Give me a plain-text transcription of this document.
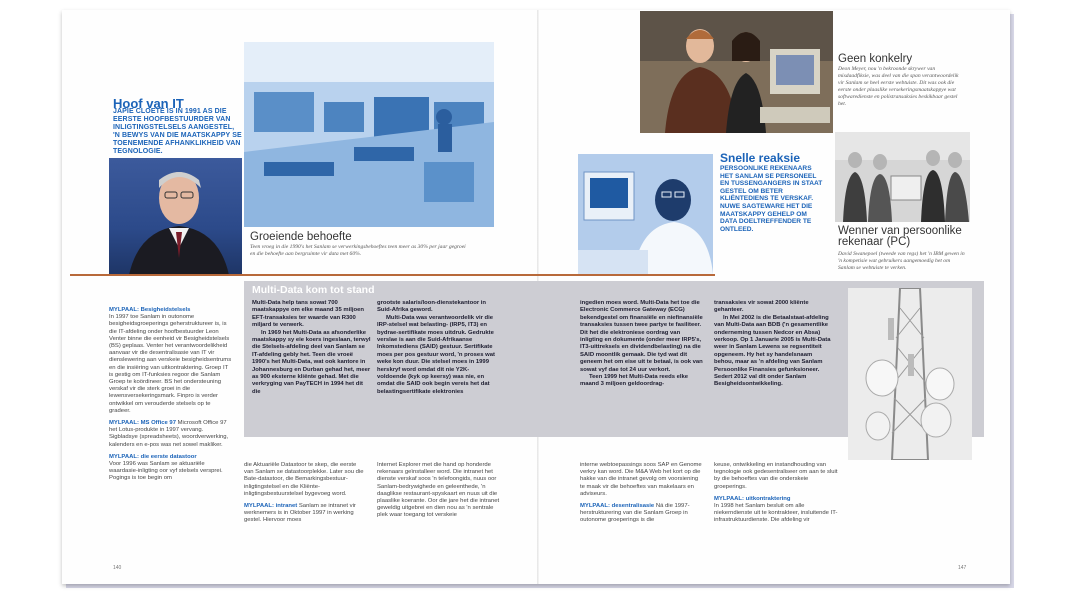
Hoof van IT
JAPIE CLOETE IS IN 1991 AS DIE EERSTE HOOFBESTUURDER VAN INLIGTINGSTELSELS AANGESTEL, 'N BEWYS VAN DIE MAATSKAPPY SE TOENEMENDE AFHANKLIKHEID VAN TEGNOLOGIE.
Groeiende behoefte
Teen vroeg in die 1990's het Sanlam se verwerkingsbehoeftes teen meer as 30% per jaar gegroei en die behoefte aan bergruimte vir data met 60%.
Geen konkelry
Deon Meyer, nou 'n bekroonde skrywer van misdaadfiksie, was deel van die span verantwoordelik vir Sanlam se heel eerste webtuiste. Dit was ook die eerste onder plaaslike versekeringsmaatskappye wat softwaredienste en polistransaksies beskikbaar gestel het.
Snelle reaksie
PERSOONLIKE REKENAARS HET SANLAM SE PERSONEEL EN TUSSENGANGERS IN STAAT GESTEL OM BETER KLIËNTEDIENS TE VERSKAF. NUWE SAGTEWARE HET DIE MAATSKAPPY GEHELP OM DATA DOELTREFFENDER TE ONTLEED.	Wenner van persoonlike rekenaar (PC)
David Swanepoel (tweede van regs) het 'n IBM gewen in 'n kompetisie wat gebruikers aangemoedig het om Sanlam se webtuiste te verken.
Multi-Data kom tot stand

Multi-Data help tans sowat 700 maatskappye om elke maand 35 miljoen EFT-transaksies ter waarde van R300 miljard te verwerk.

In 1969 het Multi-Data as afsonderlike maatskappy sy eie koers ingeslaan, terwyl die Stelsels-afdeling deel van Sanlam se IT-afdeling gebly het. Teen die vroeë 1990's het Multi-Data, wat ook kantore in Johannesburg en Durban gehad het, meer as 900 eksterne kliënte gehad. Met die verkryging van PayTECH in 1994 het dit die

grootste salaris/loon-dienstekantoor in Suid-Afrika geword.

Multi-Data was verantwoordelik vir die IRP-stelsel wat belasting- (IRP5, IT3) en bydrae-sertifikate moes uitdruk. Gedrukte verslae is aan die Suid-Afrikaanse Inkomstediens (SAID) gestuur. Sertifikate moes per pos gestuur word, 'n proses wat weke kon duur. Die stelsel moes in 1999 herskryf word omdat dit nie Y2K-voldoende (kyk op keersy) was nie, en omdat die SAID ook begin vereis het dat belastingsertifikate elektronies

ingedien moes word. Multi-Data het toe die Electronic Commerce Gateway (ECG) bekendgestel om finansiële en niefinansiële transaksies tussen twee partye te fasiliteer. Dit het die elektroniese oordrag van inligting en dokumente (onder meer IRP5's, IT3-uittreksels en dividendbelasting) na die SAID moontlik gemaak. Die tyd wat dit geneem het om eise uit te betaal, is ook van sowat vyf dae tot 24 uur verkort.

Teen 1999 het Multi-Data reeds elke maand 3 miljoen geldoordrag-

transaksies vir sowat 2000 kliënte gehanteer.

In Mei 2002 is die Betaalstaat-afdeling van Multi-Data aan BDB ('n gesamentlike onderneming tussen Nedcor en Absa) verkoop. Op 1 Januarie 2005 is Multi-Data weer in Sanlam Lewens se regsentiteit opgeneem. Hy het sy handelsnaam behou, maar as 'n afdeling van Sanlam Persoonlike Finansies gefunksioneer. Sedert 2012 val dit onder Sanlam Besigheidsontwikkeling.

MYLPAAL: Besigheidstelsels

In 1997 toe Sanlam in outonome besigheidsgroeperings geherstruktureer is, is die IT-afdeling onder hoofbestuurder Leon Venter binne die eenheid vir Besigheidstelsels (BS) geplaas. Venter het verantwoordelikheid aanvaar vir die desentralisasie van IT vir dienslewering aan verskeie besigheidsentrums en die insiëring van uitkontraktering. Groep IT is gestig om IT-funksies regoor die Sanlam Groep te koördineer. BS het ondersteuning verskaf vir die sterk groei in die lewensversekeringsmark. Finpro is verder ontwikkel om verouderde stelsels op te gradeer.

MYLPAAL: MS Office 97 Microsoft Office 97 het Lotus-produkte in 1997 vervang. Sigbladsye (spreadsheets), woordverwerking, kalenders en e-pos was net sowel makliker.

MYLPAAL: die eerste datastoor

Voor 1996 was Sanlam se aktuariële waardasie-inligting oor vyf stelsels versprei. Pogings is toe begin om

die Aktuariële Datastoor te skep, die eerste van Sanlam se datastoorplekke. Later sou die Bate-datastoor, die Bemarkingsbestuur-inligtingstelsel en die Kliënte-inligtingsbestuurstelsel bygevoeg word.

MYLPAAL: intranet Sanlam se intranet vir werknemers is in Oktober 1997 in werking gestel. Hiervoor moes

Internet Explorer met die hand op honderde rekenaars geïnstalleer word. Die intranet het dienste verskaf soos 'n telefoongids, nuus oor Sanlam-bedrywighede en geleenthede, 'n daaglikse restaurant-spyskaart en nuus uit die plaaslike koerante. Oor die jare het die intranet geweldig uitgebrei en dien nou as 'n sentrale plek waar toegang tot verskeie

interne webtoepassings soos SAP en Genome verkry kan word. Die M&A Web het kort op die hakke van die intranet gevolg om voorsiening te maak vir die behoeftes van makelaars en adviseurs.

MYLPAAL: desentralisasie Ná die 1997-herstrukturering van die Sanlam Groep in outonome groeperings is die

keuse, ontwikkeling en instandhouding van tegnologie ook gedesentraliseer om aan te sluit by die behoeftes van die onderskeie groeperings.

MYLPAAL: uitkontraktering

In 1998 het Sanlam besluit om alle niekerndienste uit te kontrakteer, insluitende IT-infrastruktuurdienste. Die afdeling vir

140	147
